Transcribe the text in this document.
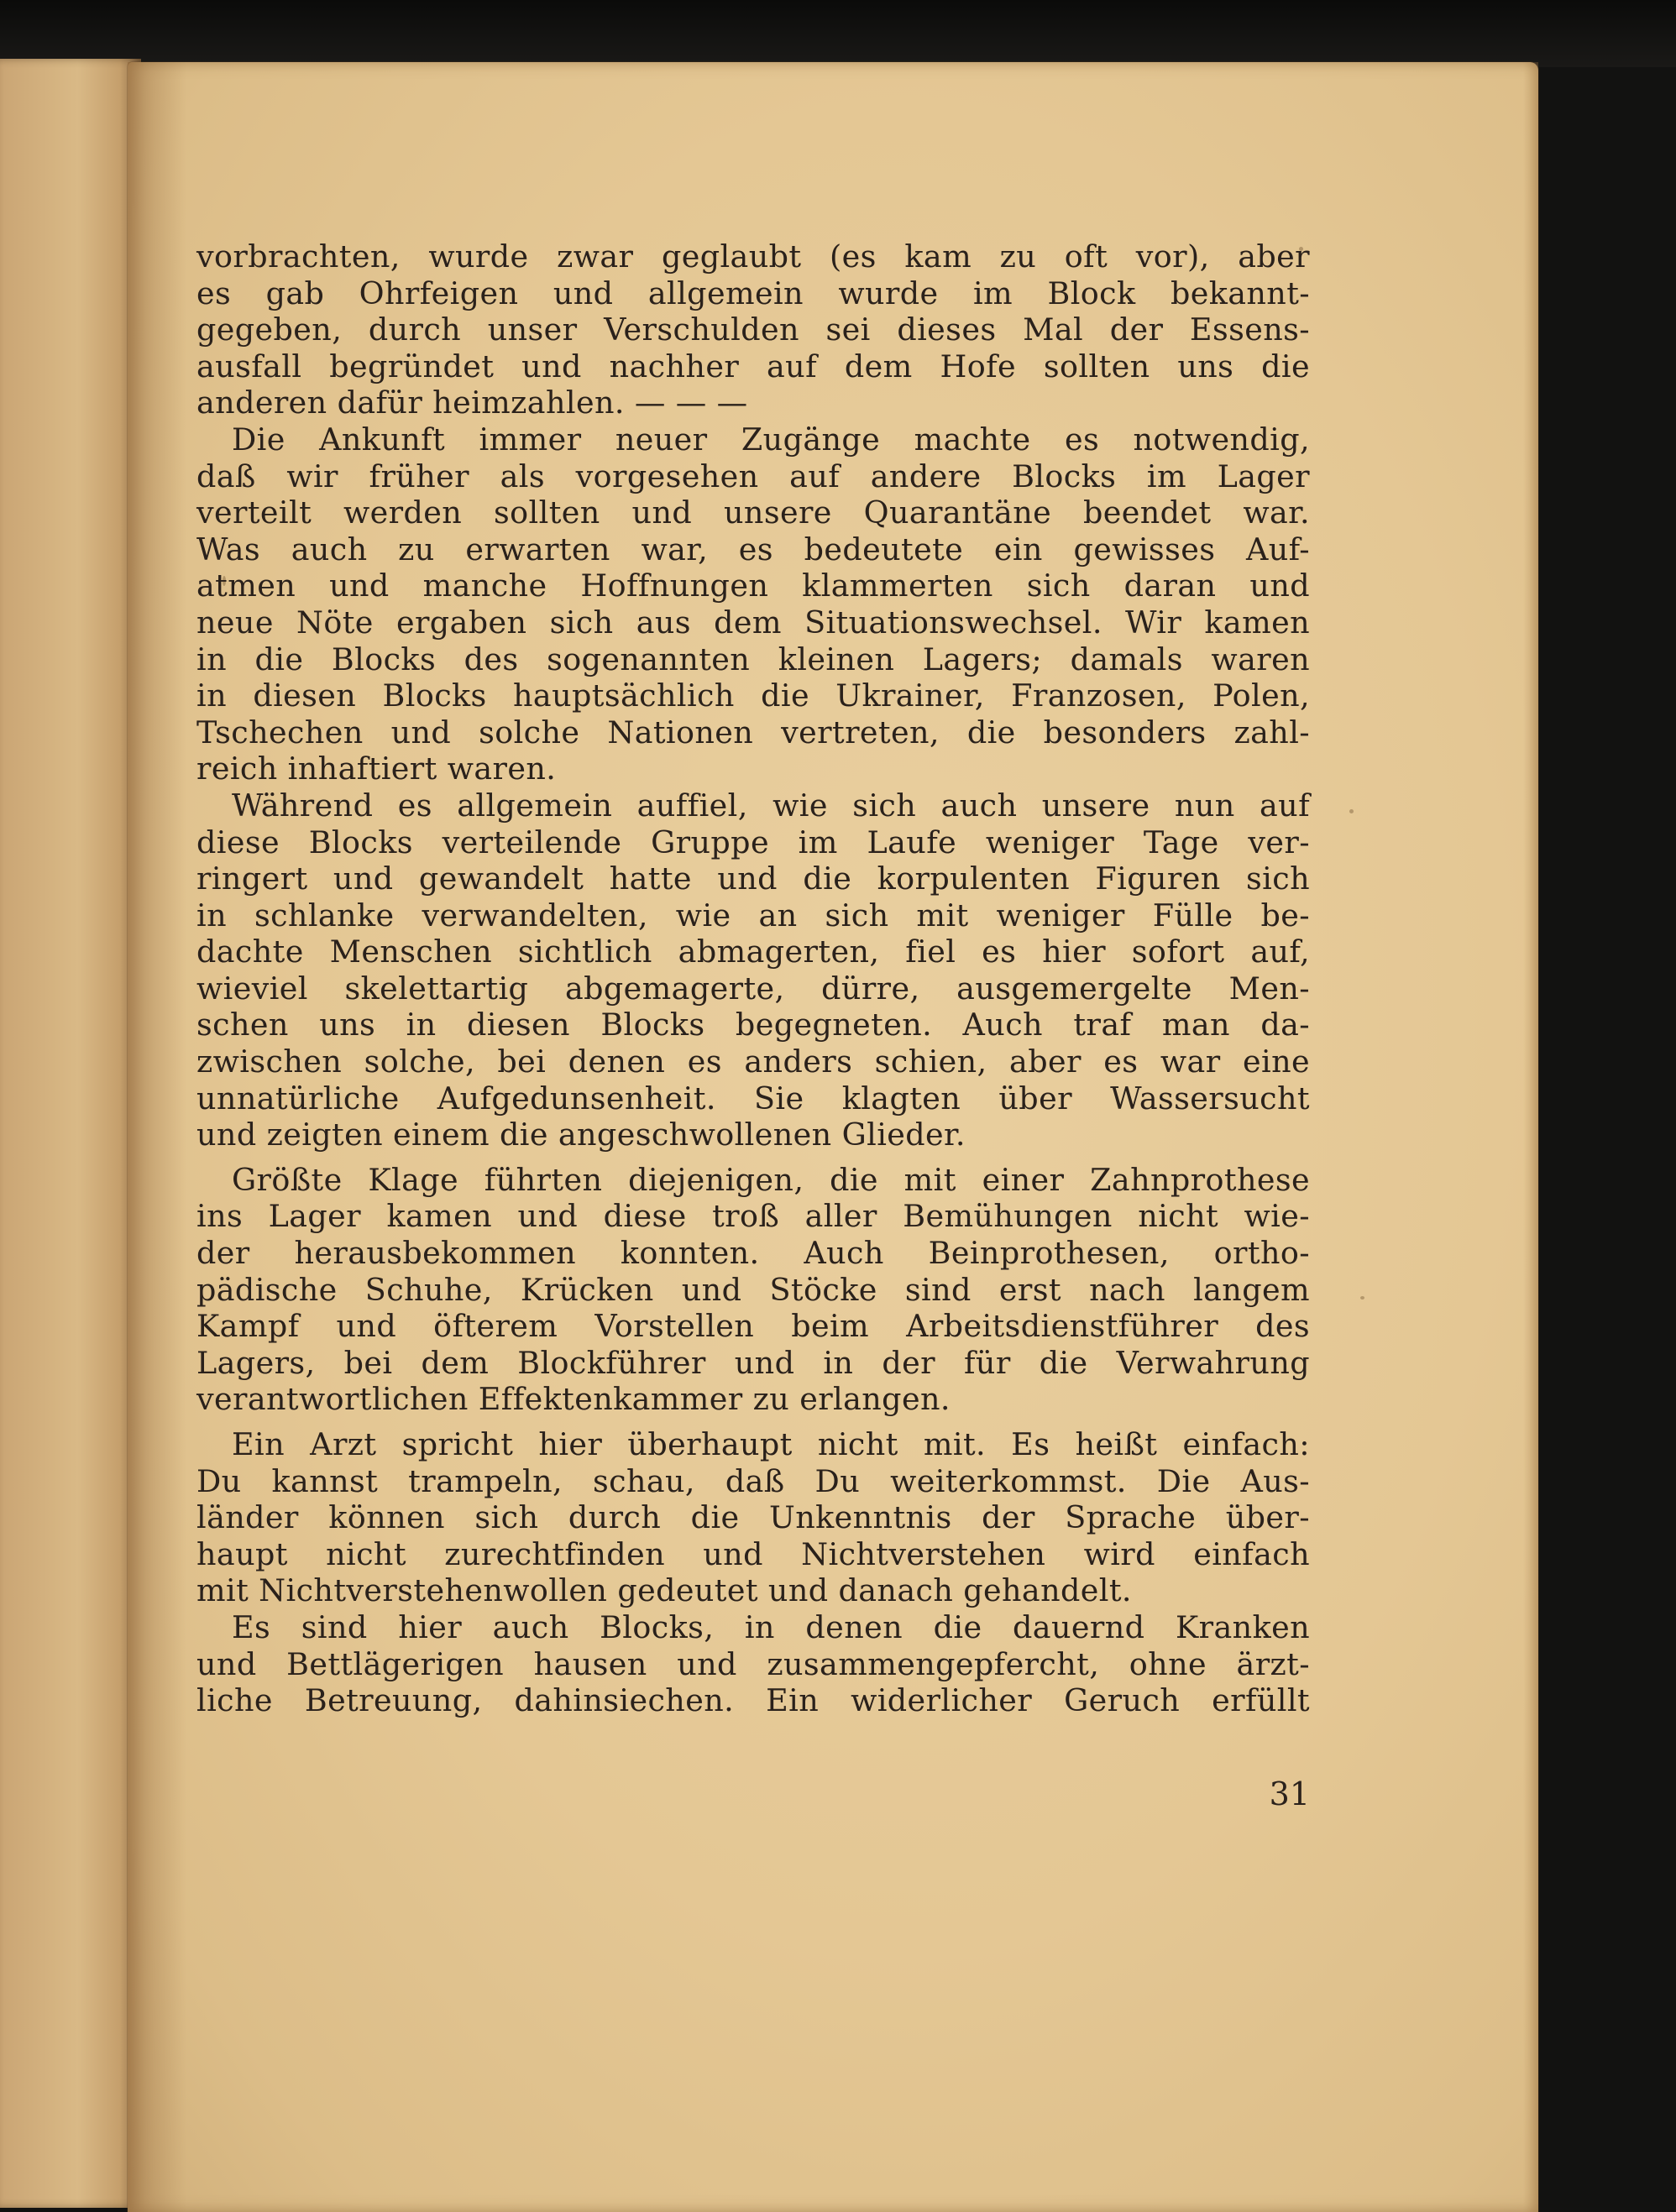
vorbrachten, wurde zwar geglaubt (es kam zu oft vor), aber
es gab Ohrfeigen und allgemein wurde im Block bekannt-
gegeben, durch unser Verschulden sei dieses Mal der Essens-
ausfall begründet und nachher auf dem Hofe sollten uns die
anderen dafür heimzahlen. — — —
Die Ankunft immer neuer Zugänge machte es notwendig,
daß wir früher als vorgesehen auf andere Blocks im Lager
verteilt werden sollten und unsere Quarantäne beendet war.
Was auch zu erwarten war, es bedeutete ein gewisses Auf-
atmen und manche Hoffnungen klammerten sich daran und
neue Nöte ergaben sich aus dem Situationswechsel. Wir kamen
in die Blocks des sogenannten kleinen Lagers; damals waren
in diesen Blocks hauptsächlich die Ukrainer, Franzosen, Polen,
Tschechen und solche Nationen vertreten, die besonders zahl-
reich inhaftiert waren.
Während es allgemein auffiel, wie sich auch unsere nun auf
diese Blocks verteilende Gruppe im Laufe weniger Tage ver-
ringert und gewandelt hatte und die korpulenten Figuren sich
in schlanke verwandelten, wie an sich mit weniger Fülle be-
dachte Menschen sichtlich abmagerten, fiel es hier sofort auf,
wieviel skelettartig abgemagerte, dürre, ausgemergelte Men-
schen uns in diesen Blocks begegneten. Auch traf man da-
zwischen solche, bei denen es anders schien, aber es war eine
unnatürliche Aufgedunsenheit. Sie klagten über Wassersucht
und zeigten einem die angeschwollenen Glieder.
Größte Klage führten diejenigen, die mit einer Zahnprothese
ins Lager kamen und diese troß aller Bemühungen nicht wie-
der herausbekommen konnten. Auch Beinprothesen, ortho-
pädische Schuhe, Krücken und Stöcke sind erst nach langem
Kampf und öfterem Vorstellen beim Arbeitsdienstführer des
Lagers, bei dem Blockführer und in der für die Verwahrung
verantwortlichen Effektenkammer zu erlangen.
Ein Arzt spricht hier überhaupt nicht mit. Es heißt einfach:
Du kannst trampeln, schau, daß Du weiterkommst. Die Aus-
länder können sich durch die Unkenntnis der Sprache über-
haupt nicht zurechtfinden und Nichtverstehen wird einfach
mit Nichtverstehenwollen gedeutet und danach gehandelt.
Es sind hier auch Blocks, in denen die dauernd Kranken
und Bettlägerigen hausen und zusammengepfercht, ohne ärzt-
liche Betreuung, dahinsiechen. Ein widerlicher Geruch erfüllt
31
